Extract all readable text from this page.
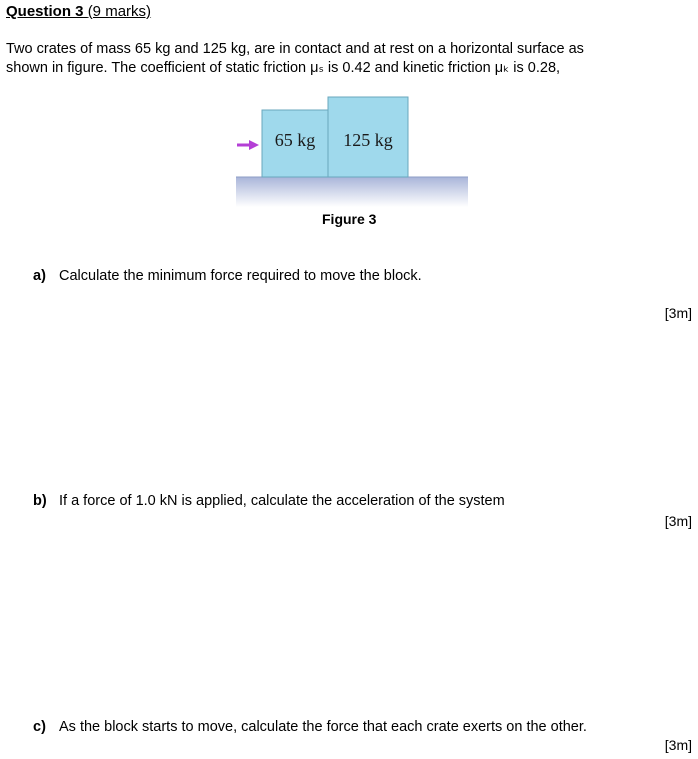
Question 3 (9 marks)
Two crates of mass 65 kg and 125 kg, are in contact and at rest on a horizontal surface as
shown in figure. The coefficient of static friction μₛ is 0.42 and kinetic friction μₖ is 0.28,
65 kg 125 kg
Figure 3
a) Calculate the minimum force required to move the block.
[3m]
b) If a force of 1.0 kN is applied, calculate the acceleration of the system
[3m]
c) As the block starts to move, calculate the force that each crate exerts on the other.
[3m]
